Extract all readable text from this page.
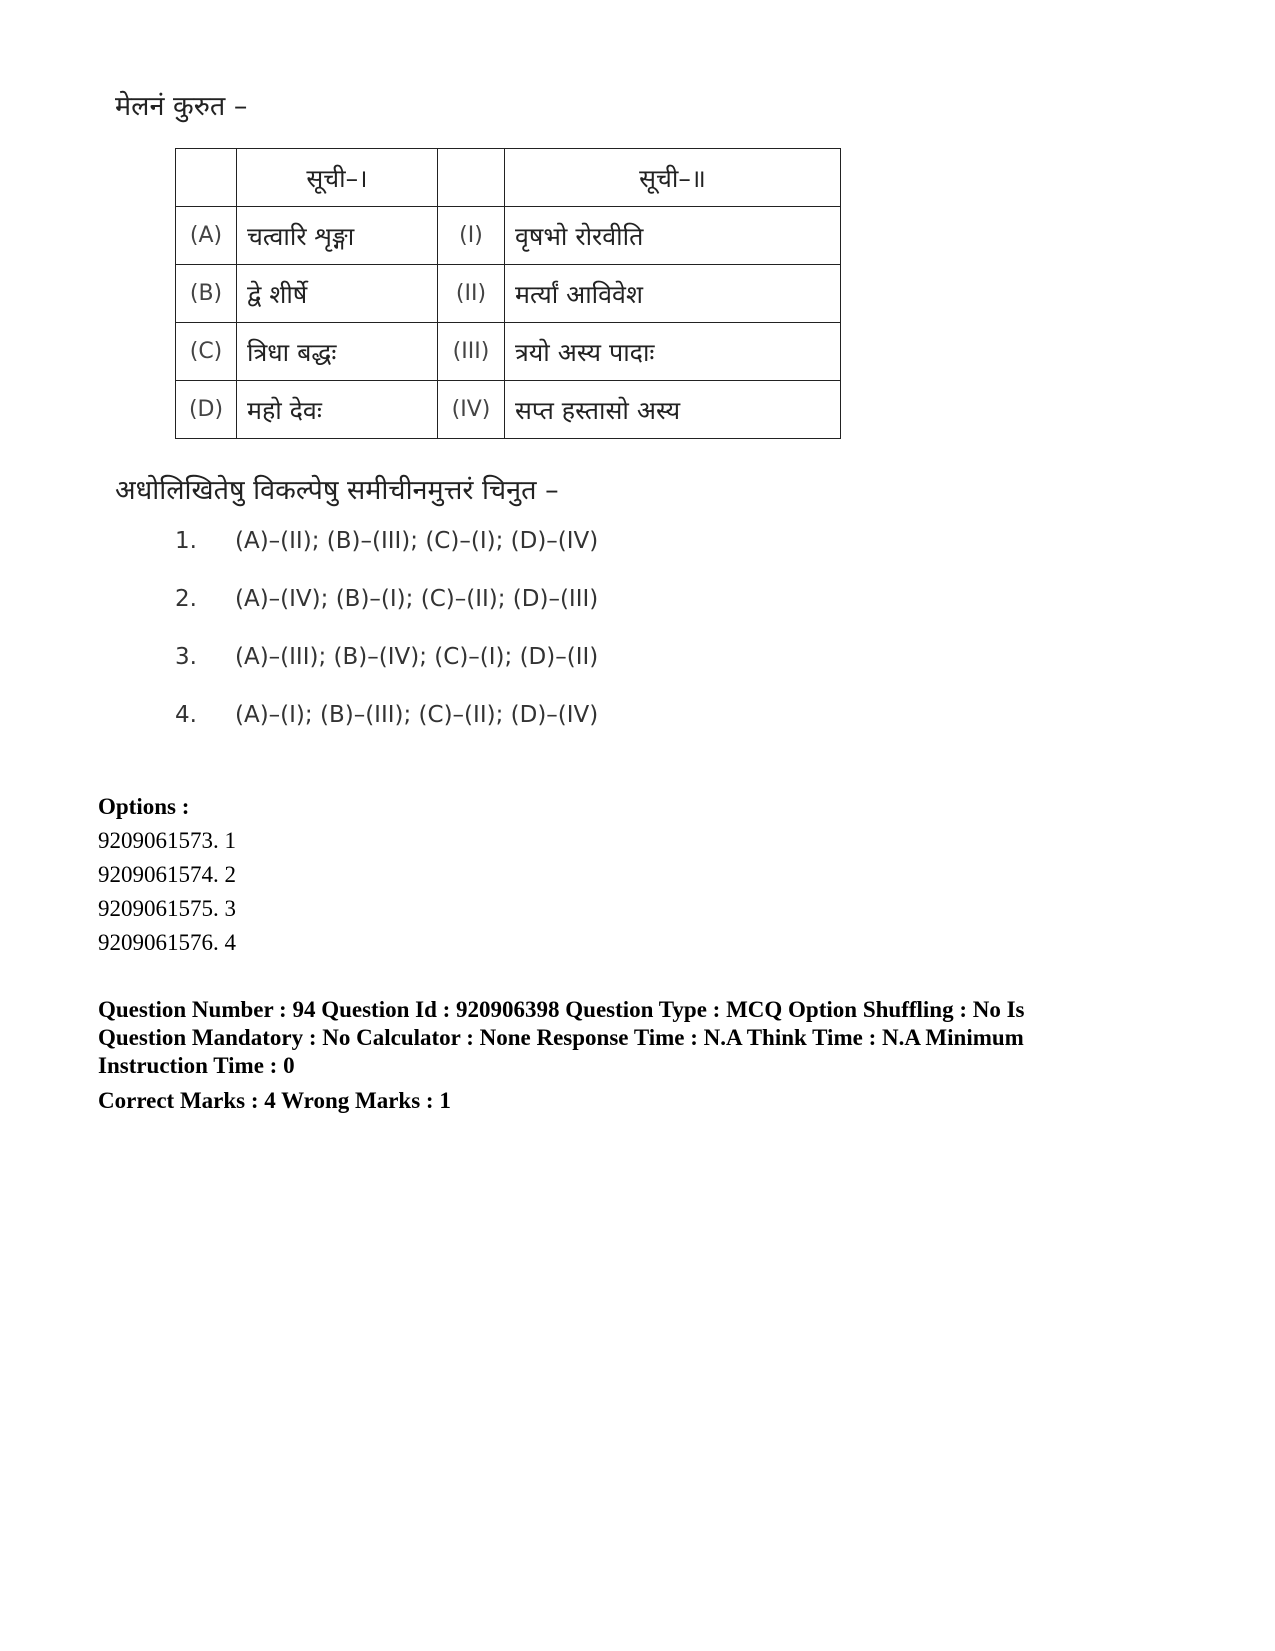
मेलनं कुरुत –
	सूची–।		सूची–॥
(A)	चत्वारि शृङ्गा	(I)	वृषभो रोरवीति
(B)	द्वे शीर्षे	(II)	मर्त्यां आविवेश
(C)	त्रिधा बद्धः	(III)	त्रयो अस्य पादाः
(D)	महो देवः	(IV)	सप्त हस्तासो अस्य
अधोलिखितेषु विकल्पेषु समीचीनमुत्तरं चिनुत –
1.	(A)–(II); (B)–(III); (C)–(I); (D)–(IV)
2.	(A)–(IV); (B)–(I); (C)–(II); (D)–(III)
3.	(A)–(III); (B)–(IV); (C)–(I); (D)–(II)
4.	(A)–(I); (B)–(III); (C)–(II); (D)–(IV)
Options :
9209061573. 1
9209061574. 2
9209061575. 3
9209061576. 4
Question Number : 94 Question Id : 920906398 Question Type : MCQ Option Shuffling : No Is
Question Mandatory : No Calculator : None Response Time : N.A Think Time : N.A Minimum
Instruction Time : 0
Correct Marks : 4 Wrong Marks : 1
